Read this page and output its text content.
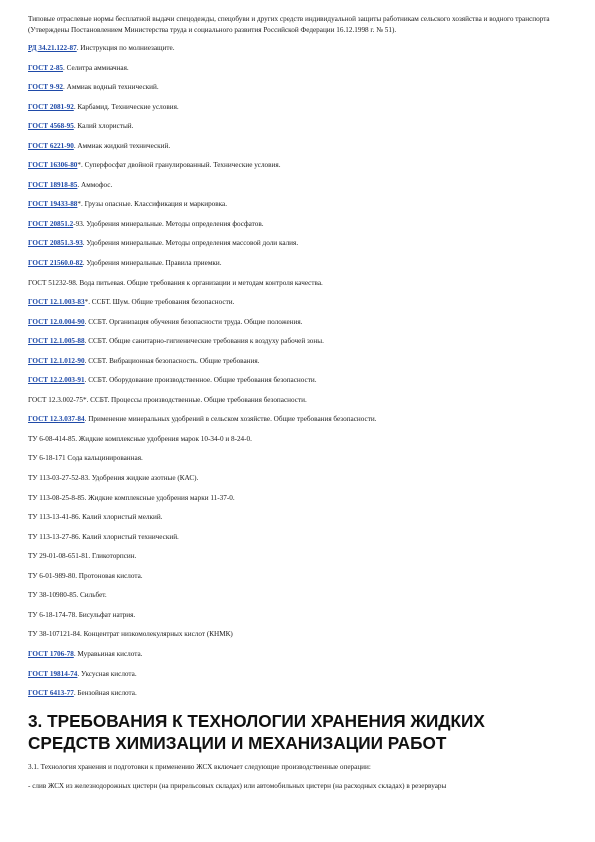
Типовые отраслевые нормы бесплатной выдачи спецодежды, спецобуви и других средств индивидуальной защиты работникам сельского хозяйства и водного транспорта (Утверждены Постановлением Министерства труда и социального развития Российской Федерации 16.12.1998 г. № 51).

РД 34.21.122-87. Инструкция по молниезащите.
ГОСТ 2-85. Селитра аммиачная.
ГОСТ 9-92. Аммиак водный технический.
ГОСТ 2081-92. Карбамид. Технические условия.
ГОСТ 4568-95. Калий хлористый.
ГОСТ 6221-90. Аммиак жидкий технический.
ГОСТ 16306-80*. Суперфосфат двойной гранулированный. Технические условия.
ГОСТ 18918-85. Аммофос.
ГОСТ 19433-88*. Грузы опасные. Классификация и маркировка.
ГОСТ 20851.2-93. Удобрения минеральные. Методы определения фосфатов.
ГОСТ 20851.3-93. Удобрения минеральные. Методы определения массовой доли калия.
ГОСТ 21560.0-82. Удобрения минеральные. Правила приемки.
ГОСТ 51232-98. Вода питьевая. Общие требования к организации и методам контроля качества.
ГОСТ 12.1.003-83*. ССБТ. Шум. Общие требования безопасности.
ГОСТ 12.0.004-90. ССБТ. Организация обучения безопасности труда. Общие положения.
ГОСТ 12.1.005-88. ССБТ. Общие санитарно-гигиенические требования к воздуху рабочей зоны.
ГОСТ 12.1.012-90. ССБТ. Вибрационная безопасность. Общие требования.
ГОСТ 12.2.003-91. ССБТ. Оборудование производственное. Общие требования безопасности.
ГОСТ 12.3.002-75*. ССБТ. Процессы производственные. Общие требования безопасности.
ГОСТ 12.3.037-84. Применение минеральных удобрений в сельском хозяйстве. Общие требования безопасности.
ТУ 6-08-414-85. Жидкие комплексные удобрения марок 10-34-0 и 8-24-0.
ТУ 6-18-171 Сода кальцинированная.
ТУ 113-03-27-52-83. Удобрения жидкие азотные (КАС).
ТУ 113-08-25-8-85. Жидкие комплексные удобрения марки 11-37-0.
ТУ 113-13-41-86. Калий хлористый мелкий.
ТУ 113-13-27-86. Калий хлористый технический.
ТУ 29-01-08-651-81. Гликоторпсин.
ТУ 6-01-989-80. Протоновая кислота.
ТУ 38-10980-85. Сильбет.
ТУ 6-18-174-78. Бисульфат натрия.
ТУ 38-107121-84. Концентрат низкомолекулярных кислот (КНМК)
ГОСТ 1706-78. Муравьиная кислота.
ГОСТ 19814-74. Уксусная кислота.
ГОСТ 6413-77. Бензойная кислота.
3. ТРЕБОВАНИЯ К ТЕХНОЛОГИИ ХРАНЕНИЯ ЖИДКИХ СРЕДСТВ ХИМИЗАЦИИ И МЕХАНИЗАЦИИ РАБОТ

3.1. Технология хранения и подготовки к применению ЖСХ включает следующие производственные операции:

- слив ЖСХ из железнодорожных цистерн (на прирельсовых складах) или автомобильных цистерн (на расходных складах) в резервуары
